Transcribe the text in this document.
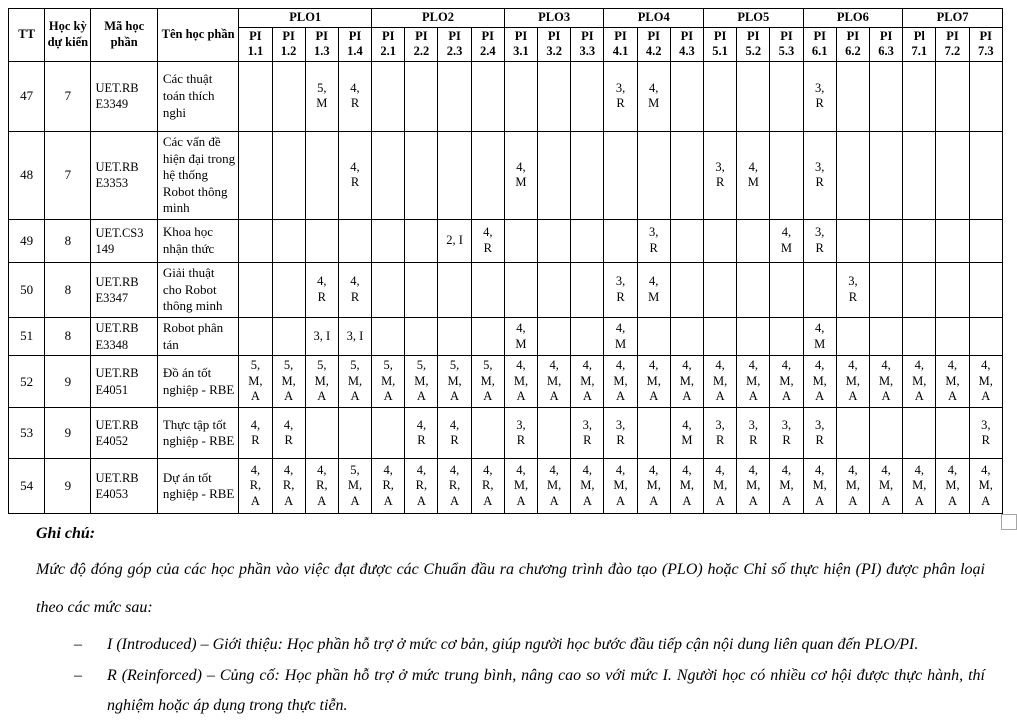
TT	Học kỳ dự kiến	Mã học phần	Tên học phần	PLO1				PLO2				PLO3			PLO4			PLO5			PLO6			PLO7		
				PI 1.1	PI 1.2	PI 1.3	PI 1.4	PI 2.1	PI 2.2	PI 2.3	PI 2.4	PI 3.1	PI 3.2	PI 3.3	PI 4.1	PI 4.2	PI 4.3	PI 5.1	PI 5.2	PI 5.3	PI 6.1	PI 6.2	PI 6.3	Pl 7.1	PI 7.2	PI 7.3
47	7	UET.RB E3349	Các thuật toán thích nghi			5, M	4, R								3, R	4, M					3, R					
48	7	UET.RB E3353	Các vấn đề hiện đại trong hệ thống Robot thông minh				4, R					4, M						3, R	4, M		3, R					
49	8	UET.CS3 149	Khoa học nhận thức							2, I	4, R					3, R				4, M	3, R					
50	8	UET.RB E3347	Giải thuật cho Robot thông minh			4, R	4, R								3, R	4, M						3, R				
51	8	UET.RB E3348	Robot phân tán			3, I	3, I					4, M			4, M						4, M					
52	9	UET.RB E4051	Đồ án tốt nghiệp - RBE	5, M, A	5, M, A	5, M, A	5, M, A	5, M, A	5, M, A	5, M, A	5, M, A	4, M, A	4, M, A	4, M, A	4, M, A	4, M, A	4, M, A	4, M, A	4, M, A	4, M, A	4, M, A	4, M, A	4, M, A	4, M, A	4, M, A	4, M, A
53	9	UET.RB E4052	Thực tập tốt nghiệp - RBE	4, R	4, R				4, R	4, R		3, R		3, R	3, R		4, M	3, R	3, R	3, R	3, R					3, R
54	9	UET.RB E4053	Dự án tốt nghiệp - RBE	4, R, A	4, R, A	4, R, A	5, M, A	4, R, A	4, R, A	4, R, A	4, R, A	4, M, A	4, M, A	4, M, A	4, M, A	4, M, A	4, M, A	4, M, A	4, M, A	4, M, A	4, M, A	4, M, A	4, M, A	4, M, A	4, M, A	4, M, A
Ghi chú:
Mức độ đóng góp của các học phần vào việc đạt được các Chuẩn đầu ra chương trình đào tạo (PLO) hoặc Chỉ số thực hiện (PI) được phân loại theo các mức sau:
–	I (Introduced) – Giới thiệu: Học phần hỗ trợ ở mức cơ bản, giúp người học bước đầu tiếp cận nội dung liên quan đến PLO/PI.
–	R (Reinforced) – Củng cố: Học phần hỗ trợ ở mức trung bình, nâng cao so với mức I. Người học có nhiều cơ hội được thực hành, thí nghiệm hoặc áp dụng trong thực tiễn.
